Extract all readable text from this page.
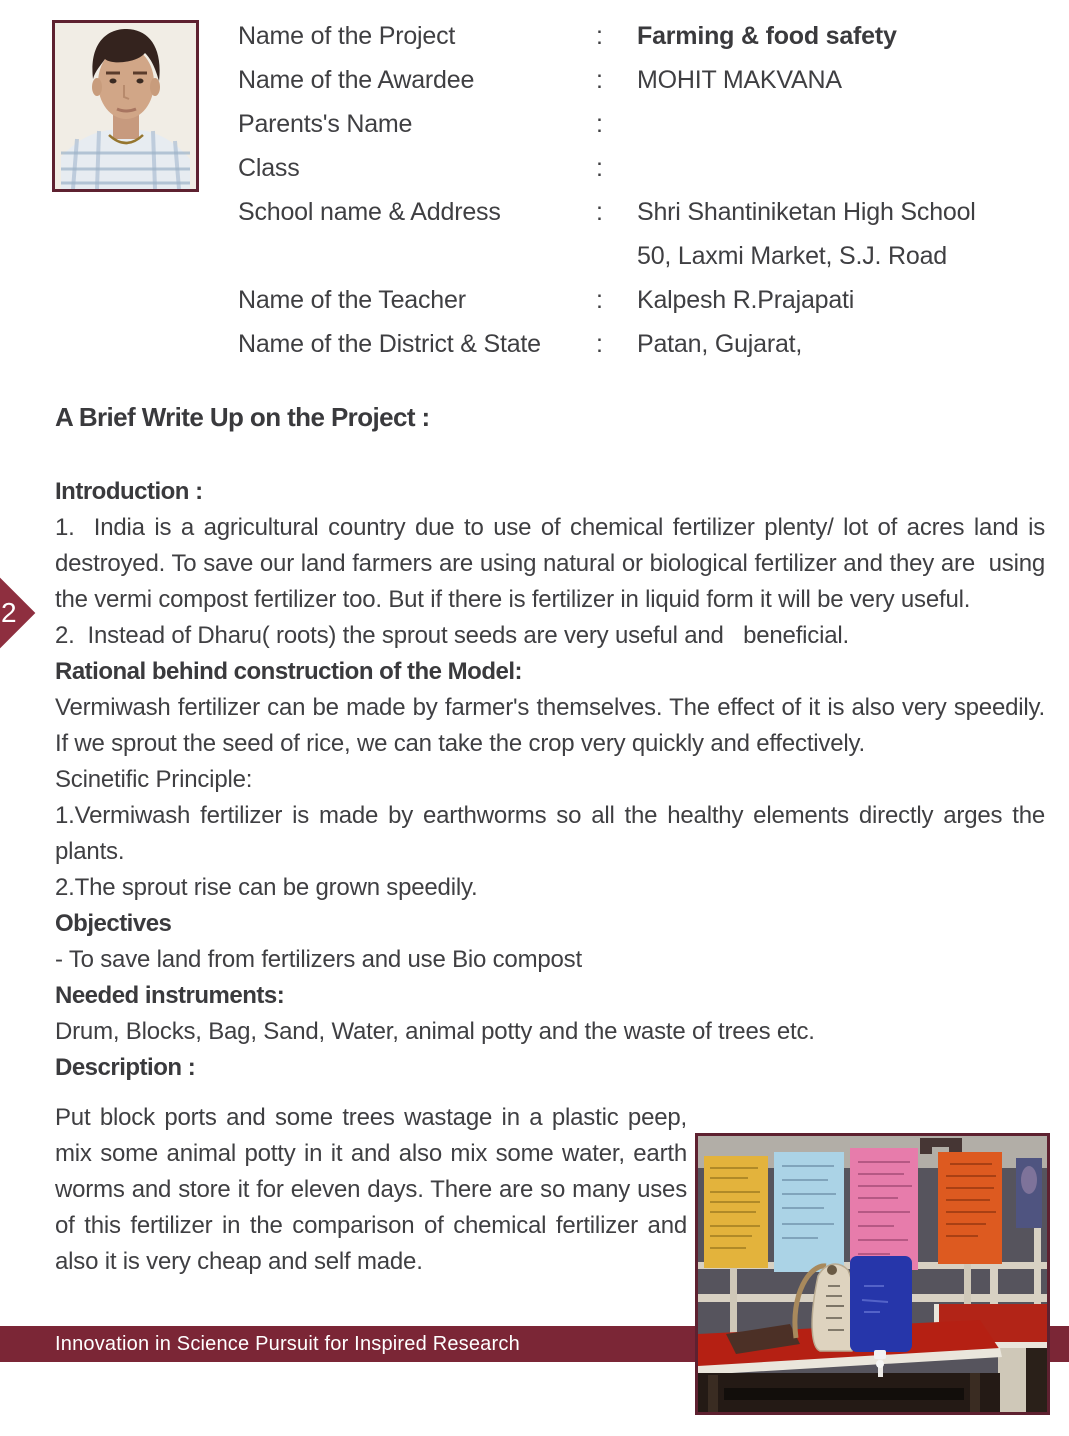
Name of the Project	:	Farming & food safety
Name of the Awardee	:	MOHIT MAKVANA
Parents's Name	:
Class	:
School name & Address	:	Shri Shantiniketan High School
50, Laxmi Market, S.J. Road
Name of the Teacher	:	Kalpesh R.Prajapati
Name of the District & State	:	Patan, Gujarat,

A Brief Write Up on the Project :

Introduction :

1.  India is a agricultural country due to use of chemical fertilizer plenty/ lot of acres land is destroyed. To save our land farmers are using natural or biological fertilizer and they are  using the vermi compost fertilizer too. But if there is fertilizer in liquid form it will be very useful.

2.  Instead of Dharu( roots) the sprout seeds are very useful and   beneficial.

Rational behind construction of the Model:

Vermiwash fertilizer can be made by farmer's themselves. The effect of it is also very speedily. If we sprout the seed of rice, we can take the crop very quickly and effectively.

Scinetific Principle:

1.Vermiwash fertilizer is made by earthworms so all the healthy elements directly arges the plants.

2.The sprout rise can be grown speedily.

Objectives

- To save land from fertilizers and use Bio compost

Needed instruments:

Drum, Blocks, Bag, Sand, Water, animal potty and the waste of trees etc.

Description :

Put block ports and some trees wastage in a plastic peep, mix some animal potty in it and also mix some water, earth worms and store it for eleven days. There are so many uses of this fertilizer in the comparison of chemical fertilizer and also it is very cheap and self made.

2
Innovation in Science Pursuit for Inspired Research
